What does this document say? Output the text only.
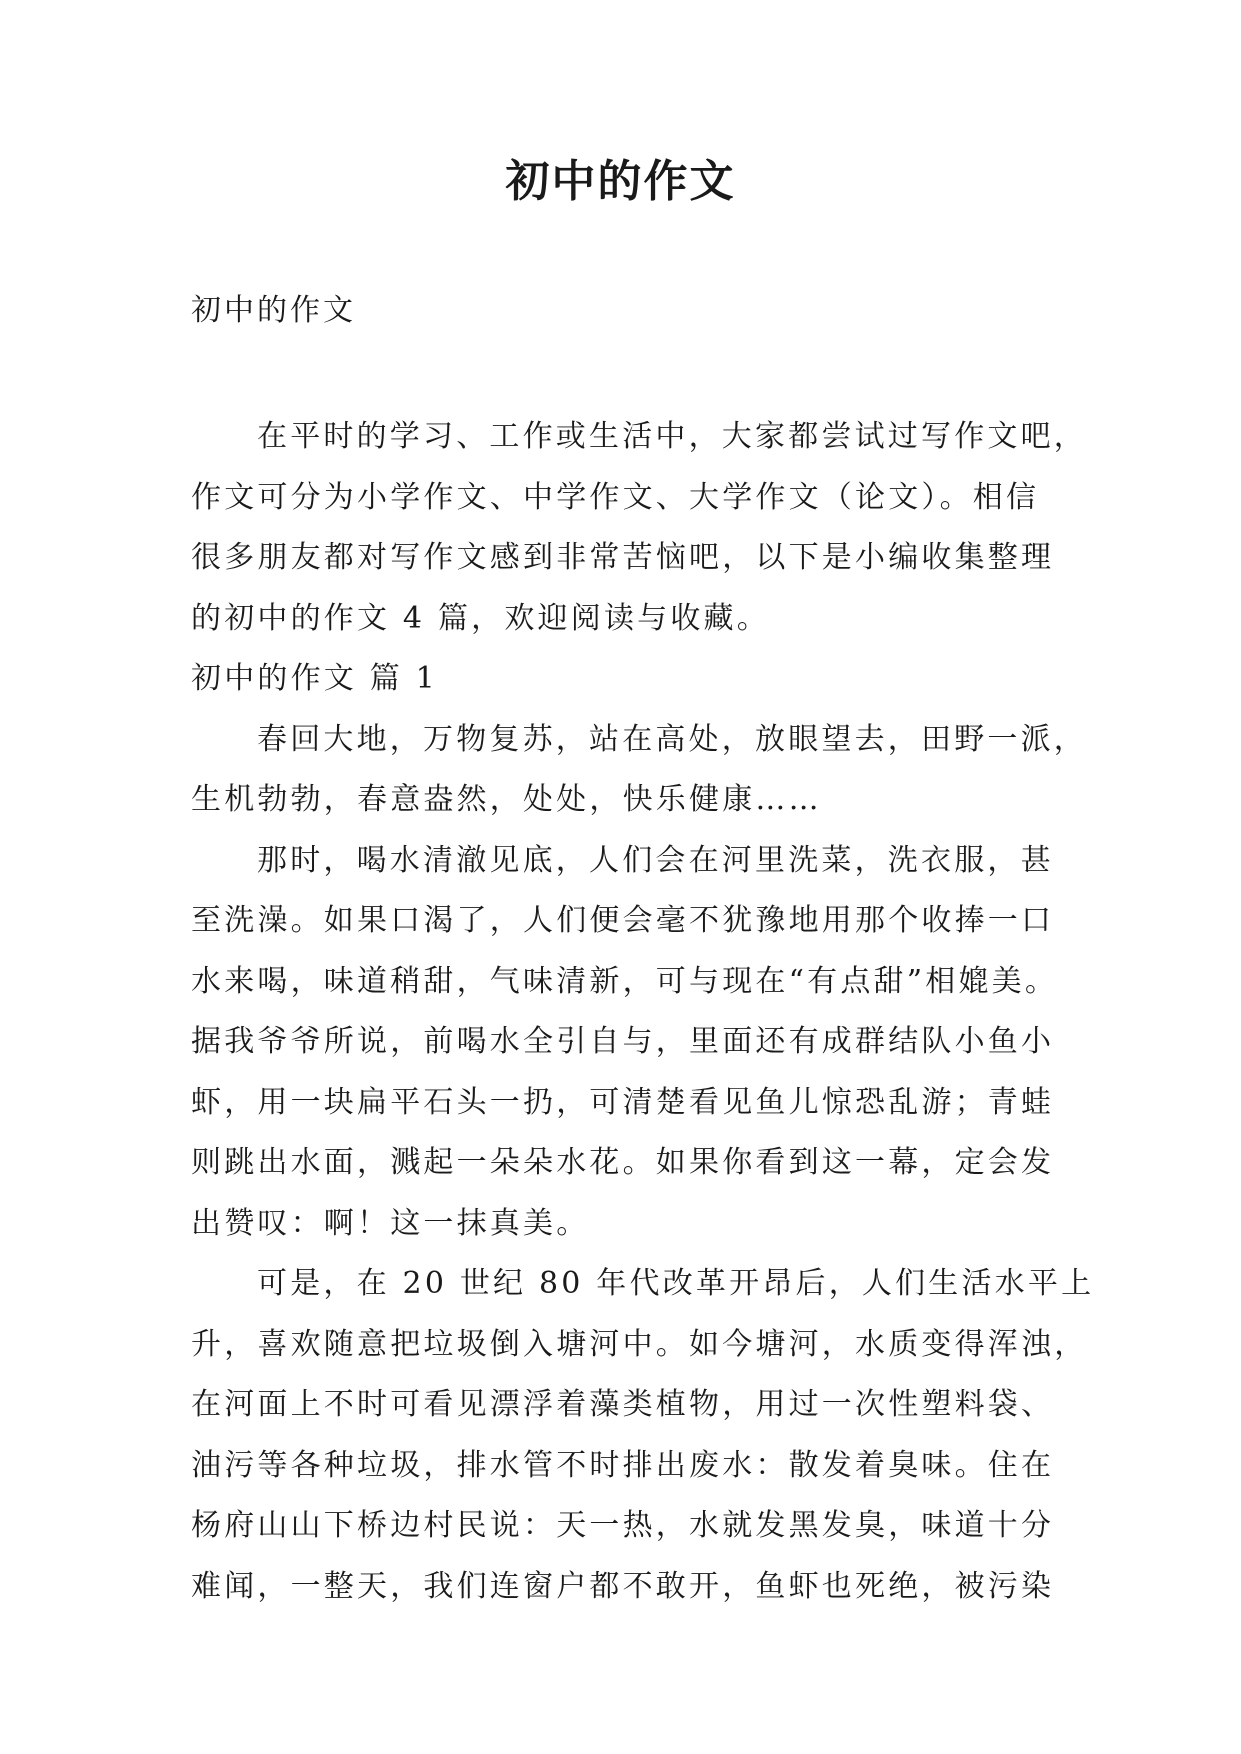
初中的作文

初中的作文

在平时的学习、工作或生活中，大家都尝试过写作文吧，

作文可分为小学作文、中学作文、大学作文（论文）。相信

很多朋友都对写作文感到非常苦恼吧，以下是小编收集整理

的初中的作文 4 篇，欢迎阅读与收藏。

初中的作文 篇 1

春回大地，万物复苏，站在高处，放眼望去，田野一派，

生机勃勃，春意盎然，处处，快乐健康……

那时，喝水清澈见底，人们会在河里洗菜，洗衣服，甚

至洗澡。如果口渴了，人们便会毫不犹豫地用那个收捧一口

水来喝，味道稍甜，气味清新，可与现在“有点甜”相媲美。

据我爷爷所说，前喝水全引自与，里面还有成群结队小鱼小

虾，用一块扁平石头一扔，可清楚看见鱼儿惊恐乱游；青蛙

则跳出水面，溅起一朵朵水花。如果你看到这一幕，定会发

出赞叹：啊！这一抹真美。

可是，在 20 世纪 80 年代改革开昂后，人们生活水平上

升，喜欢随意把垃圾倒入塘河中。如今塘河，水质变得浑浊，

在河面上不时可看见漂浮着藻类植物，用过一次性塑料袋、

油污等各种垃圾，排水管不时排出废水：散发着臭味。住在

杨府山山下桥边村民说：天一热，水就发黑发臭，味道十分

难闻，一整天，我们连窗户都不敢开，鱼虾也死绝，被污染
